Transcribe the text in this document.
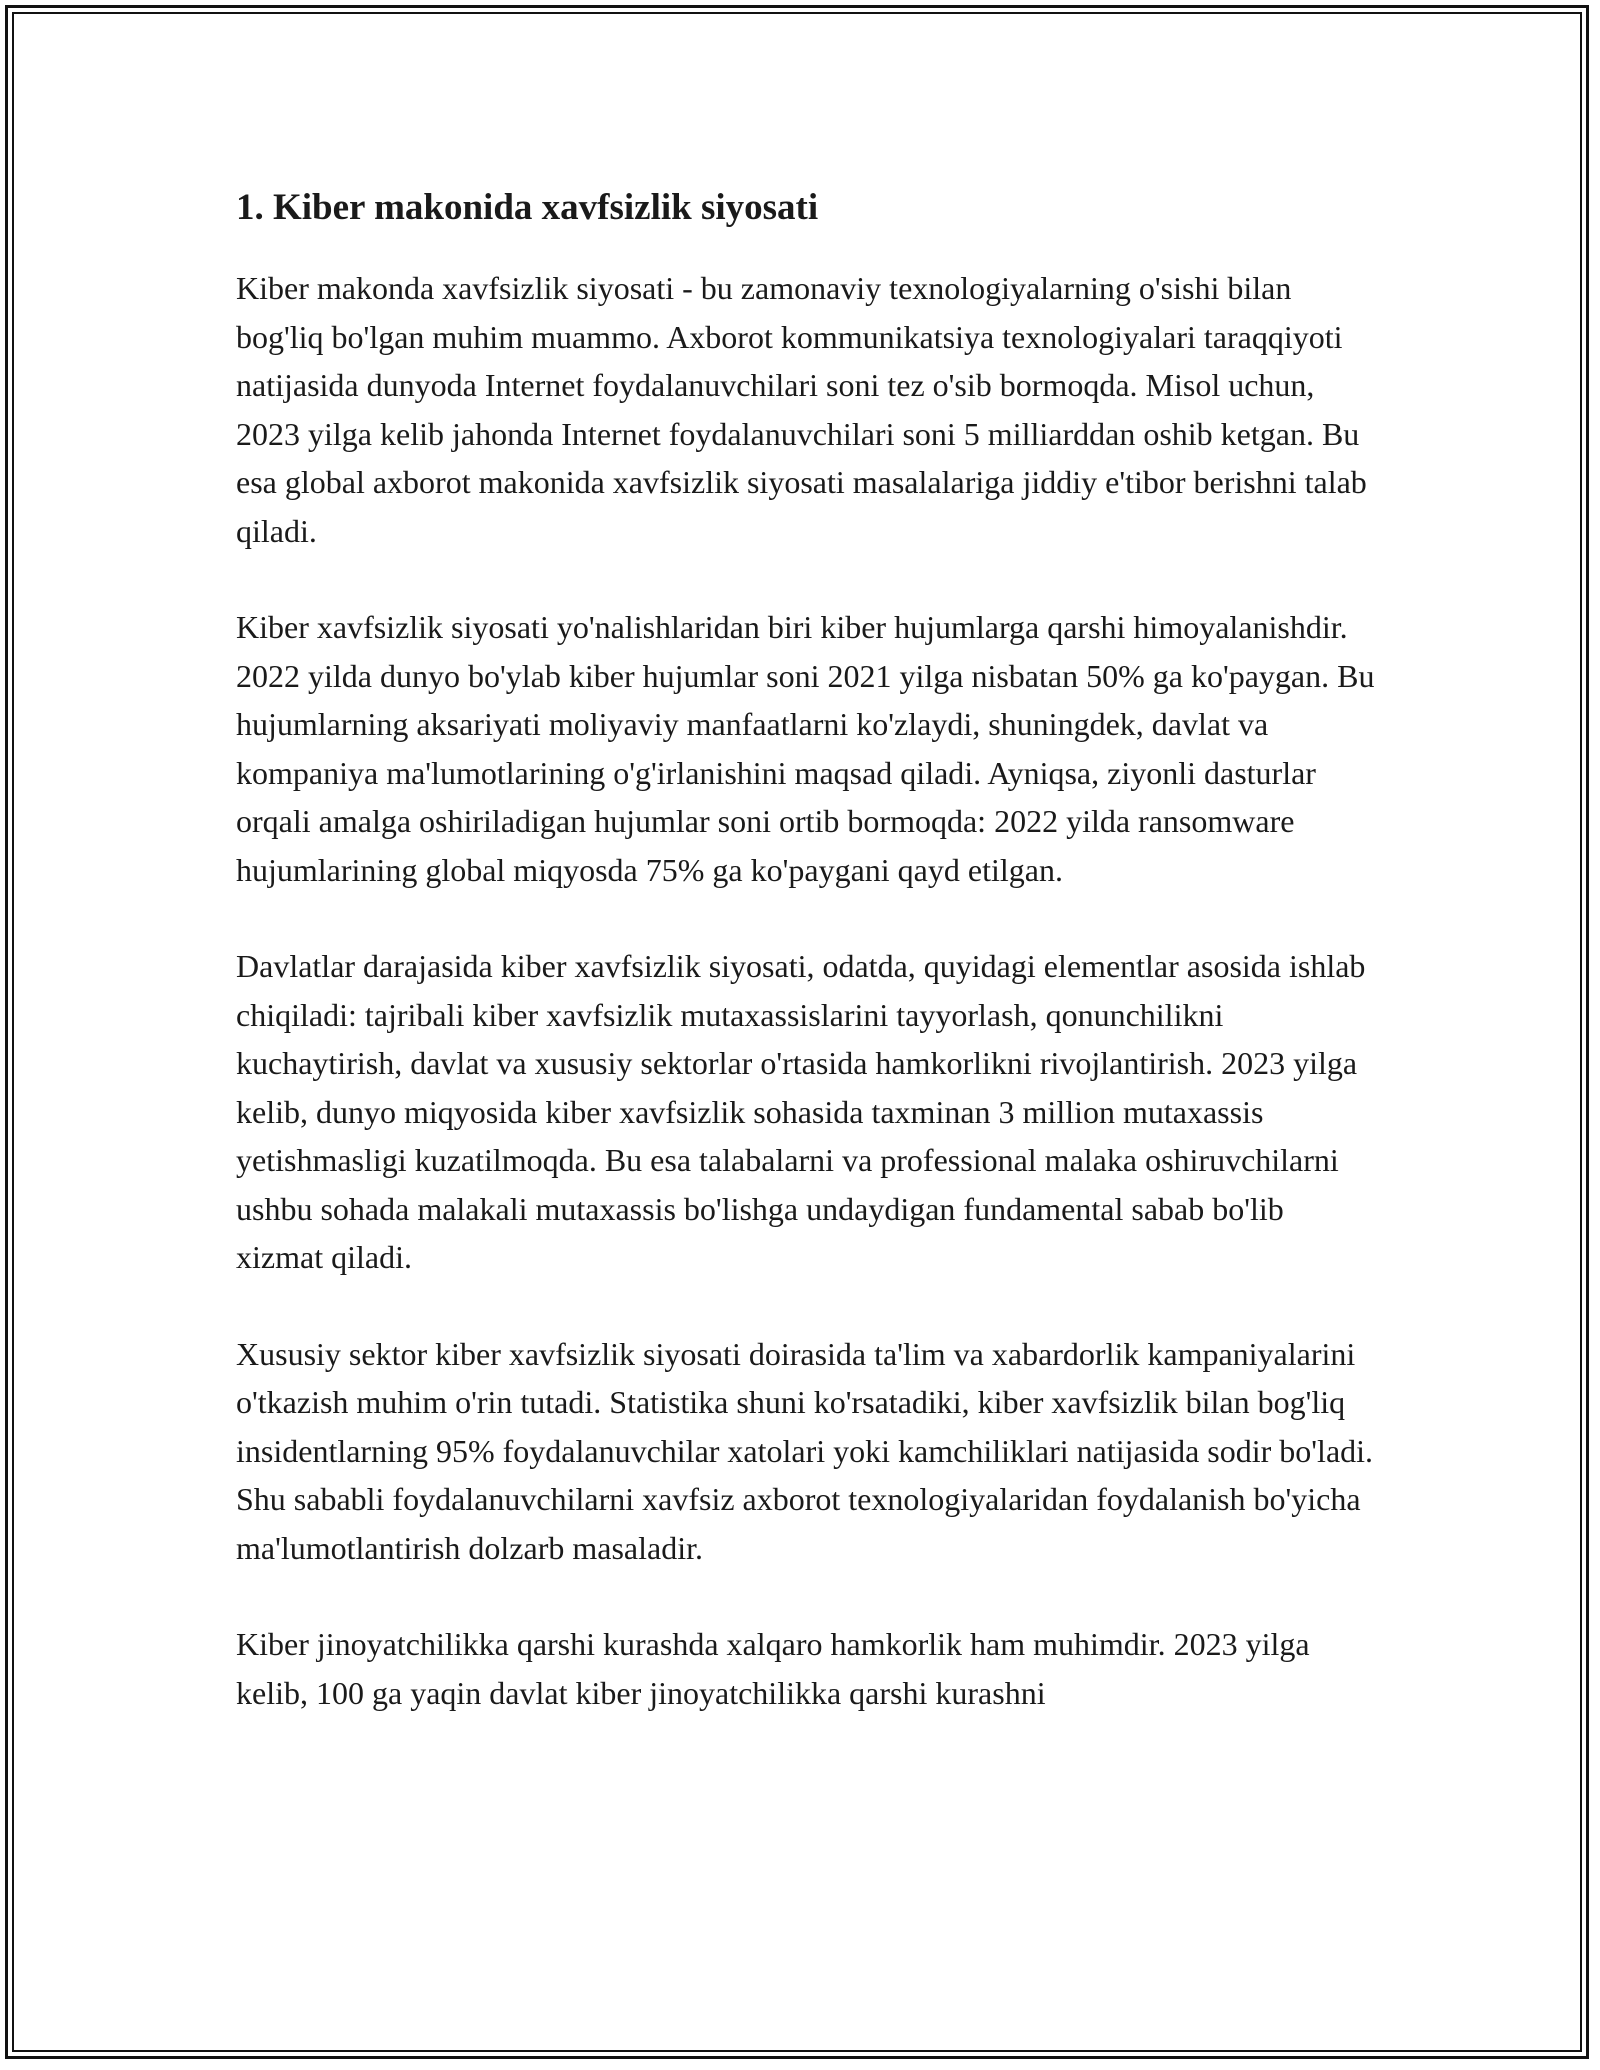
1. Kiber makonida xavfsizlik siyosati

Kiber makonda xavfsizlik siyosati - bu zamonaviy texnologiyalarning o'sishi bilan bog'liq bo'lgan muhim muammo. Axborot kommunikatsiya texnologiyalari taraqqiyoti natijasida dunyoda Internet foydalanuvchilari soni tez o'sib bormoqda. Misol uchun, 2023 yilga kelib jahonda Internet foydalanuvchilari soni 5 milliarddan oshib ketgan. Bu esa global axborot makonida xavfsizlik siyosati masalalariga jiddiy e'tibor berishni talab qiladi.

Kiber xavfsizlik siyosati yo'nalishlaridan biri kiber hujumlarga qarshi himoyalanishdir. 2022 yilda dunyo bo'ylab kiber hujumlar soni 2021 yilga nisbatan 50% ga ko'paygan. Bu hujumlarning aksariyati moliyaviy manfaatlarni ko'zlaydi, shuningdek, davlat va kompaniya ma'lumotlarining o'g'irlanishini maqsad qiladi. Ayniqsa, ziyonli dasturlar orqali amalga oshiriladigan hujumlar soni ortib bormoqda: 2022 yilda ransomware hujumlarining global miqyosda 75% ga ko'paygani qayd etilgan.

Davlatlar darajasida kiber xavfsizlik siyosati, odatda, quyidagi elementlar asosida ishlab chiqiladi: tajribali kiber xavfsizlik mutaxassislarini tayyorlash, qonunchilikni kuchaytirish, davlat va xususiy sektorlar o'rtasida hamkorlikni rivojlantirish. 2023 yilga kelib, dunyo miqyosida kiber xavfsizlik sohasida taxminan 3 million mutaxassis yetishmasligi kuzatilmoqda. Bu esa talabalarni va professional malaka oshiruvchilarni ushbu sohada malakali mutaxassis bo'lishga undaydigan fundamental sabab bo'lib xizmat qiladi.

Xususiy sektor kiber xavfsizlik siyosati doirasida ta'lim va xabardorlik kampaniyalarini o'tkazish muhim o'rin tutadi. Statistika shuni ko'rsatadiki, kiber xavfsizlik bilan bog'liq insidentlarning 95% foydalanuvchilar xatolari yoki kamchiliklari natijasida sodir bo'ladi. Shu sababli foydalanuvchilarni xavfsiz axborot texnologiyalaridan foydalanish bo'yicha ma'lumotlantirish dolzarb masaladir.

Kiber jinoyatchilikka qarshi kurashda xalqaro hamkorlik ham muhimdir. 2023 yilga kelib, 100 ga yaqin davlat kiber jinoyatchilikka qarshi kurashni
